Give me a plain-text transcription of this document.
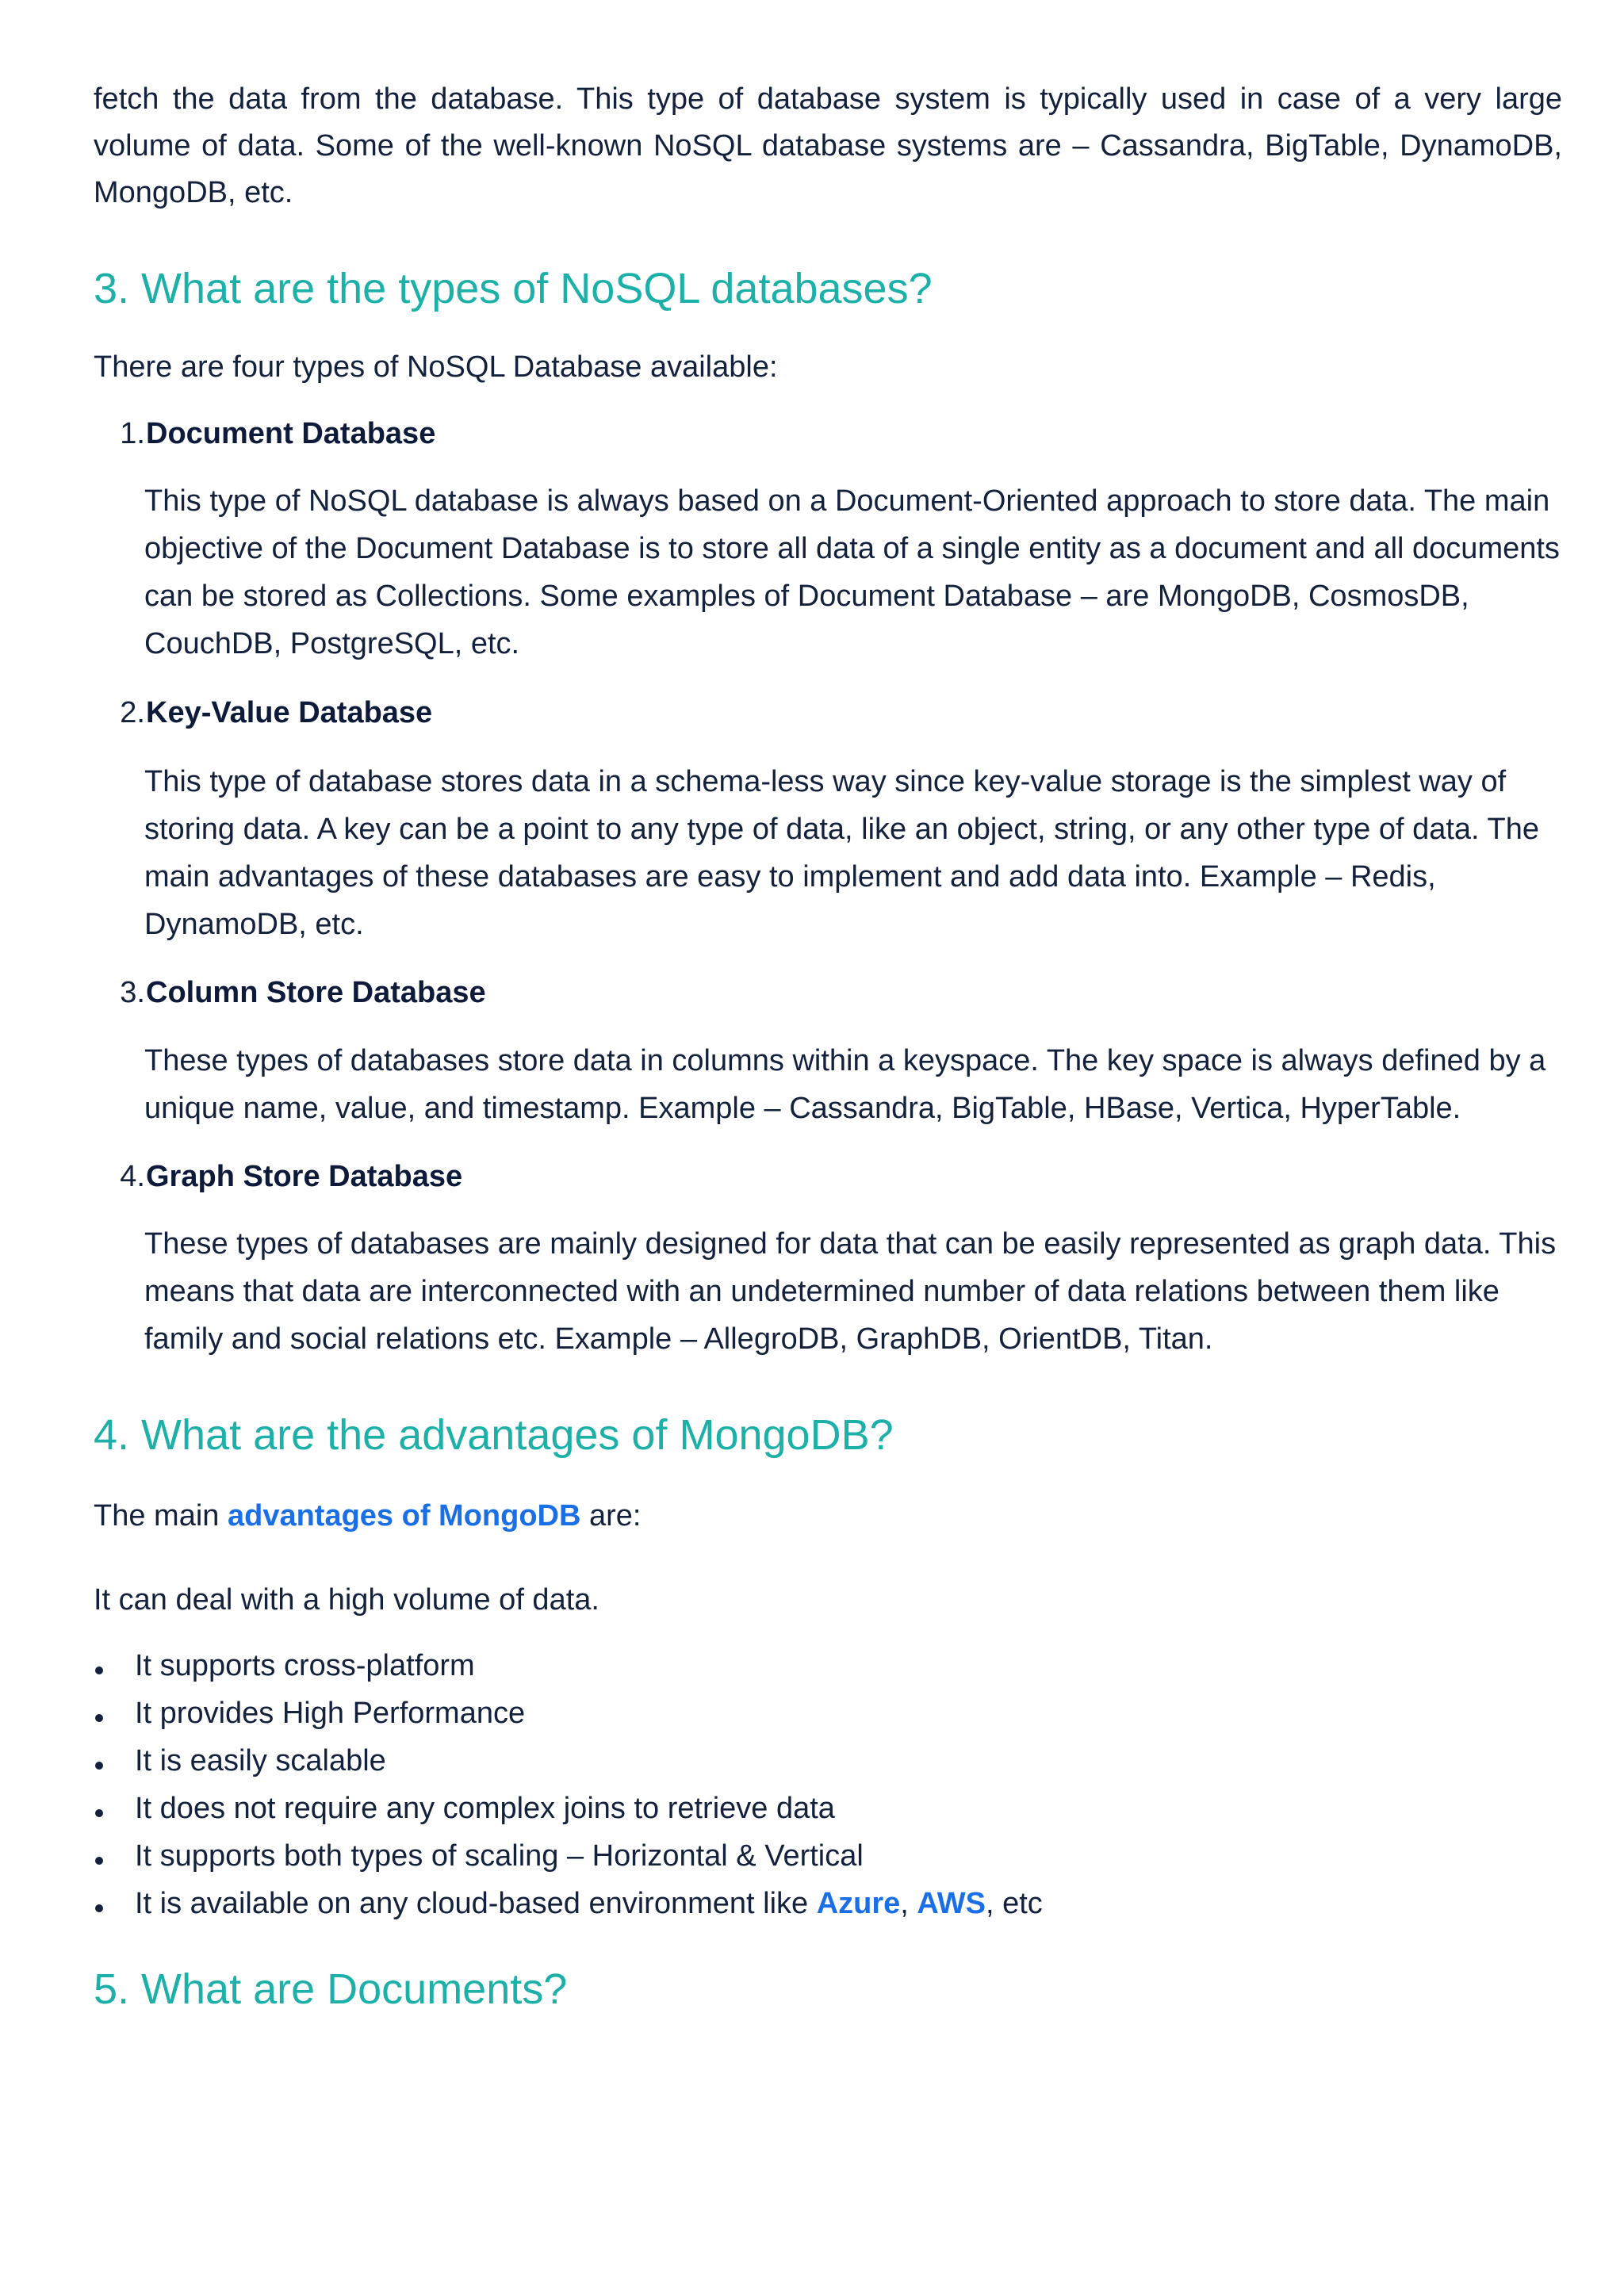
fetch the data from the database. This type of database system is typically used in case of a very large volume of data. Some of the well-known NoSQL database systems are – Cassandra, BigTable, DynamoDB, MongoDB, etc.

3. What are the types of NoSQL databases?

There are four types of NoSQL Database available:

1. Document Database

This type of NoSQL database is always based on a Document-Oriented approach to store data. The main objective of the Document Database is to store all data of a single entity as a document and all documents can be stored as Collections. Some examples of Document Database – are MongoDB, CosmosDB, CouchDB, PostgreSQL, etc.

2. Key-Value Database

This type of database stores data in a schema-less way since key-value storage is the simplest way of storing data. A key can be a point to any type of data, like an object, string, or any other type of data. The main advantages of these databases are easy to implement and add data into. Example – Redis, DynamoDB, etc.

3. Column Store Database

These types of databases store data in columns within a keyspace. The key space is always defined by a unique name, value, and timestamp. Example – Cassandra, BigTable, HBase, Vertica, HyperTable.

4. Graph Store Database

These types of databases are mainly designed for data that can be easily represented as graph data. This means that data are interconnected with an undetermined number of data relations between them like family and social relations etc. Example – AllegroDB, GraphDB, OrientDB, Titan.

4. What are the advantages of MongoDB?

The main advantages of MongoDB are:

It can deal with a high volume of data.

It supports cross-platform
It provides High Performance
It is easily scalable
It does not require any complex joins to retrieve data
It supports both types of scaling – Horizontal & Vertical
It is available on any cloud-based environment like Azure, AWS, etc
5. What are Documents?
